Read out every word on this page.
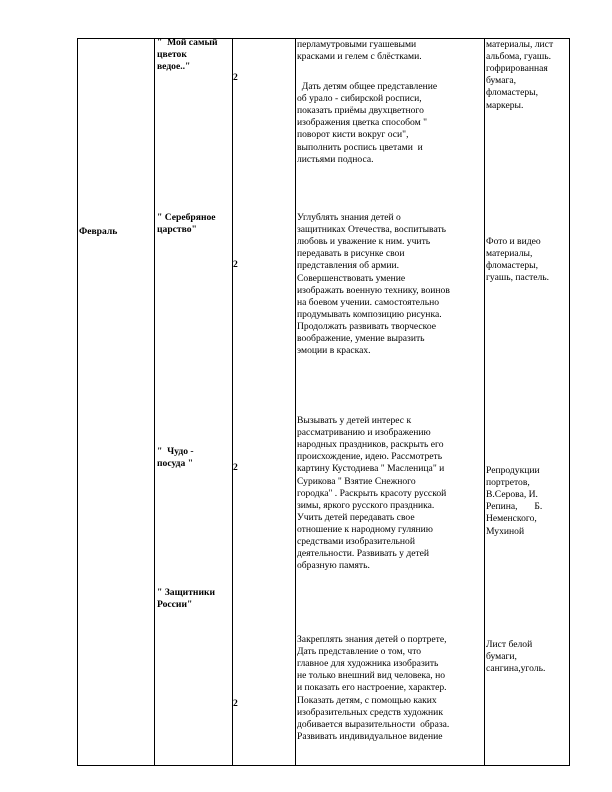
Февраль
"  Мой самый
цветок
ведое.."
2
перламутровыми гуашевыми
красками и гелем с блёстками.
материалы, лист
альбома, гуашь.
гофрированная
бумага,
фломастеры,
маркеры.
Дать детям общее представление
об урало - сибирской росписи,
показать приёмы двухцветного
изображения цветка способом "
поворот кисти вокруг оси",
выполнить роспись цветами  и
листьями подноса.
" Серебряное
царство"
2
Углублять знания детей о
защитниках Отечества, воспитывать
любовь и уважение к ним. учить
передавать в рисунке свои
представления об армии.
Совершенствовать умение
изображать военную технику, воинов
на боевом учении. самостоятельно
продумывать композицию рисунка.
Продолжать развивать творческое
воображение, умение выразить
эмоции в красках.
Фото и видео
материалы,
фломастеры,
гуашь, пастель.
"  Чудо -
посуда "	2
Вызывать у детей интерес к
рассматриванию и изображению
народных праздников, раскрыть его
происхождение, идею. Рассмотреть
картину Кустодиева " Масленица" и
Сурикова " Взятие Снежного
городка" . Раскрыть красоту русской
зимы, яркого русского праздника.
Учить детей передавать свое
отношение к народному гулянию
средствами изобразительной
деятельности. Развивать у детей
образную память.
Репродукции
портретов,
В.Серова, И.
Репина,       Б.
Неменского,
Мухиной
" Защитники
России"
2
Закреплять знания детей о портрете,
Дать представление о том, что
главное для художника изобразить
не только внешний вид человека, но
и показать его настроение, характер.
Показать детям, с помощью каких
изобразительных средств художник
добивается выразительности  образа.
Развивать индивидуальное видение
Лист белой
бумаги,
сангина,уголь.
